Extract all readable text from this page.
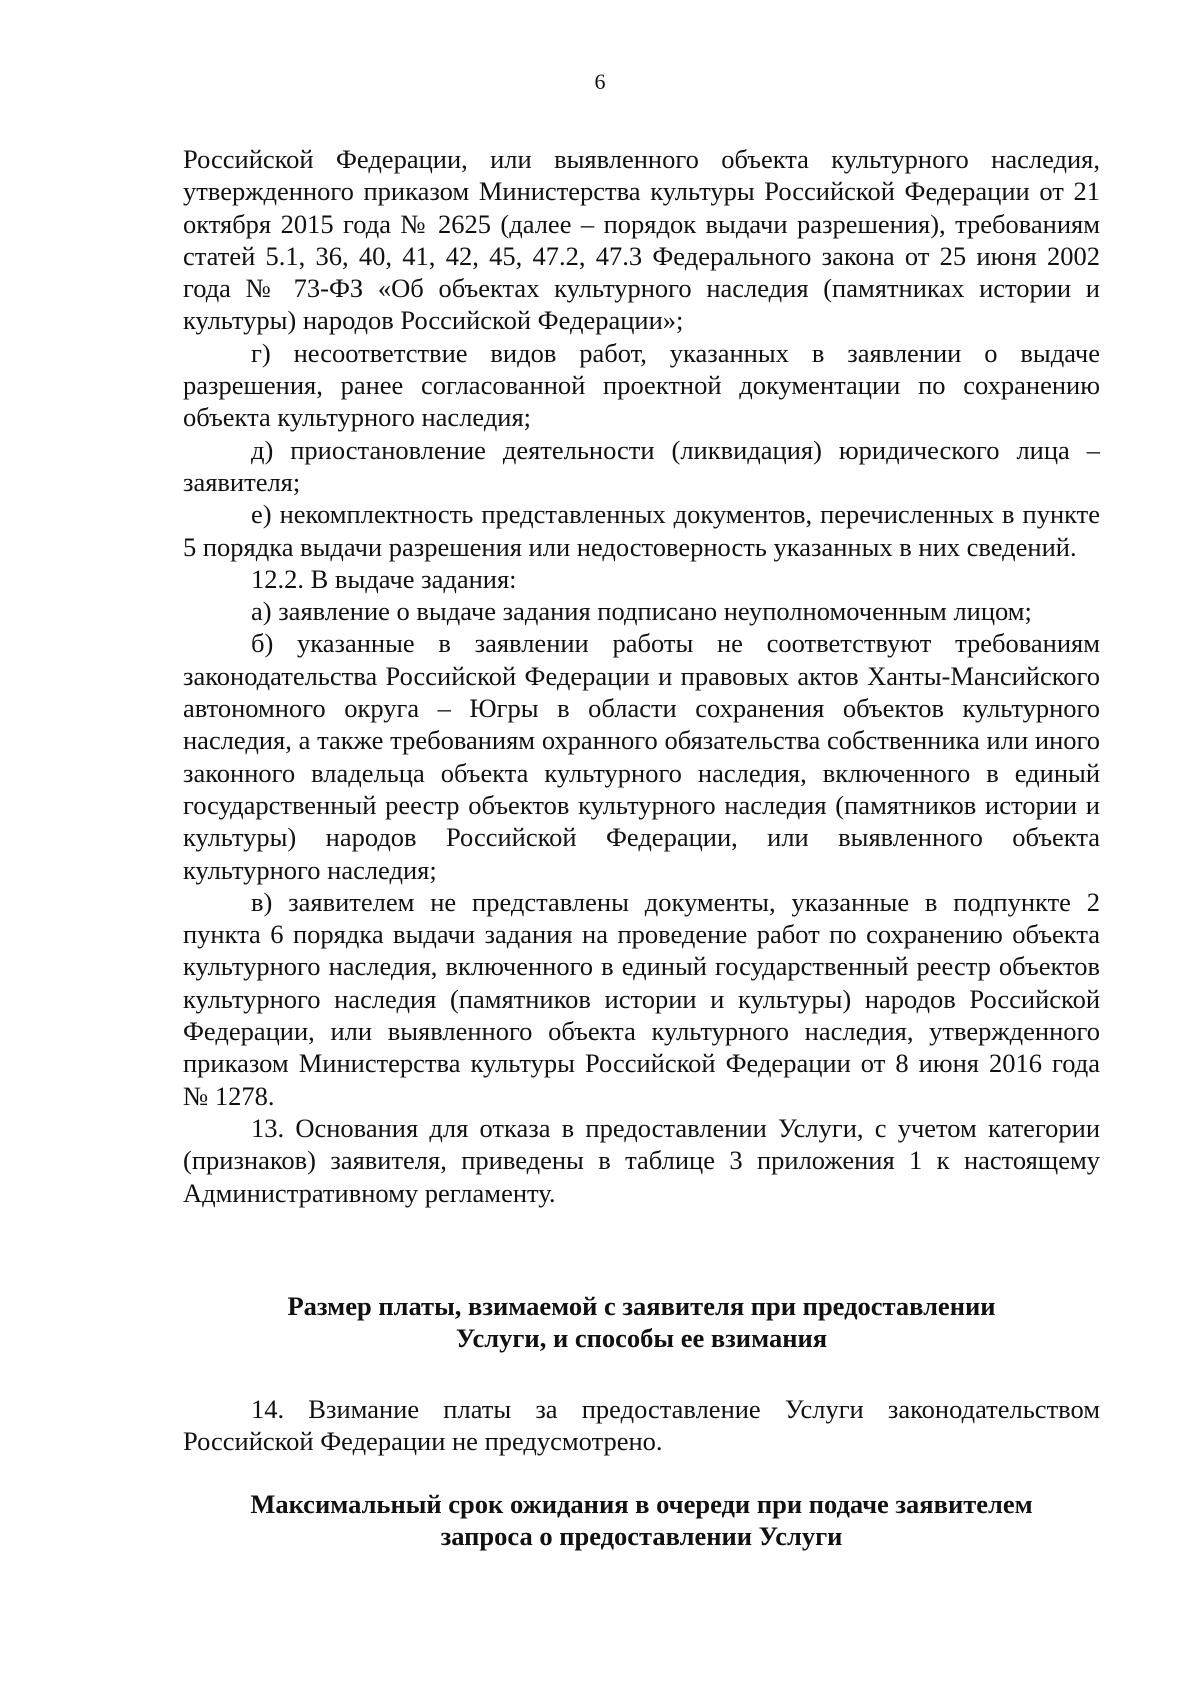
6

Российской Федерации, или выявленного объекта культурного наследия, утвержденного приказом Министерства культуры Российской Федерации от 21 октября 2015 года № 2625 (далее – порядок выдачи разрешения), требованиям статей 5.1, 36, 40, 41, 42, 45, 47.2, 47.3 Федерального закона от 25 июня 2002 года № 73-ФЗ «Об объектах культурного наследия (памятниках истории и культуры) народов Российской Федерации»;

г) несоответствие видов работ, указанных в заявлении о выдаче разрешения, ранее согласованной проектной документации по сохранению объекта культурного наследия;

д) приостановление деятельности (ликвидация) юридического лица – заявителя;

е) некомплектность представленных документов, перечисленных в пункте 5 порядка выдачи разрешения или недостоверность указанных в них сведений.

12.2. В выдаче задания:

а) заявление о выдаче задания подписано неуполномоченным лицом;

б) указанные в заявлении работы не соответствуют требованиям законодательства Российской Федерации и правовых актов Ханты-Мансийского автономного округа – Югры в области сохранения объектов культурного наследия, а также требованиям охранного обязательства собственника или иного законного владельца объекта культурного наследия, включенного в единый государственный реестр объектов культурного наследия (памятников истории и культуры) народов Российской Федерации, или выявленного объекта культурного наследия;

в) заявителем не представлены документы, указанные в подпункте 2 пункта 6 порядка выдачи задания на проведение работ по сохранению объекта культурного наследия, включенного в единый государственный реестр объектов культурного наследия (памятников истории и культуры) народов Российской Федерации, или выявленного объекта культурного наследия, утвержденного приказом Министерства культуры Российской Федерации от 8 июня 2016 года № 1278.

13. Основания для отказа в предоставлении Услуги, с учетом категории (признаков) заявителя, приведены в таблице 3 приложения 1 к настоящему Административному регламенту.

Размер платы, взимаемой с заявителя при предоставлении
Услуги, и способы ее взимания

14. Взимание платы за предоставление Услуги законодательством Российской Федерации не предусмотрено.

Максимальный срок ожидания в очереди при подаче заявителем
запроса о предоставлении Услуги
